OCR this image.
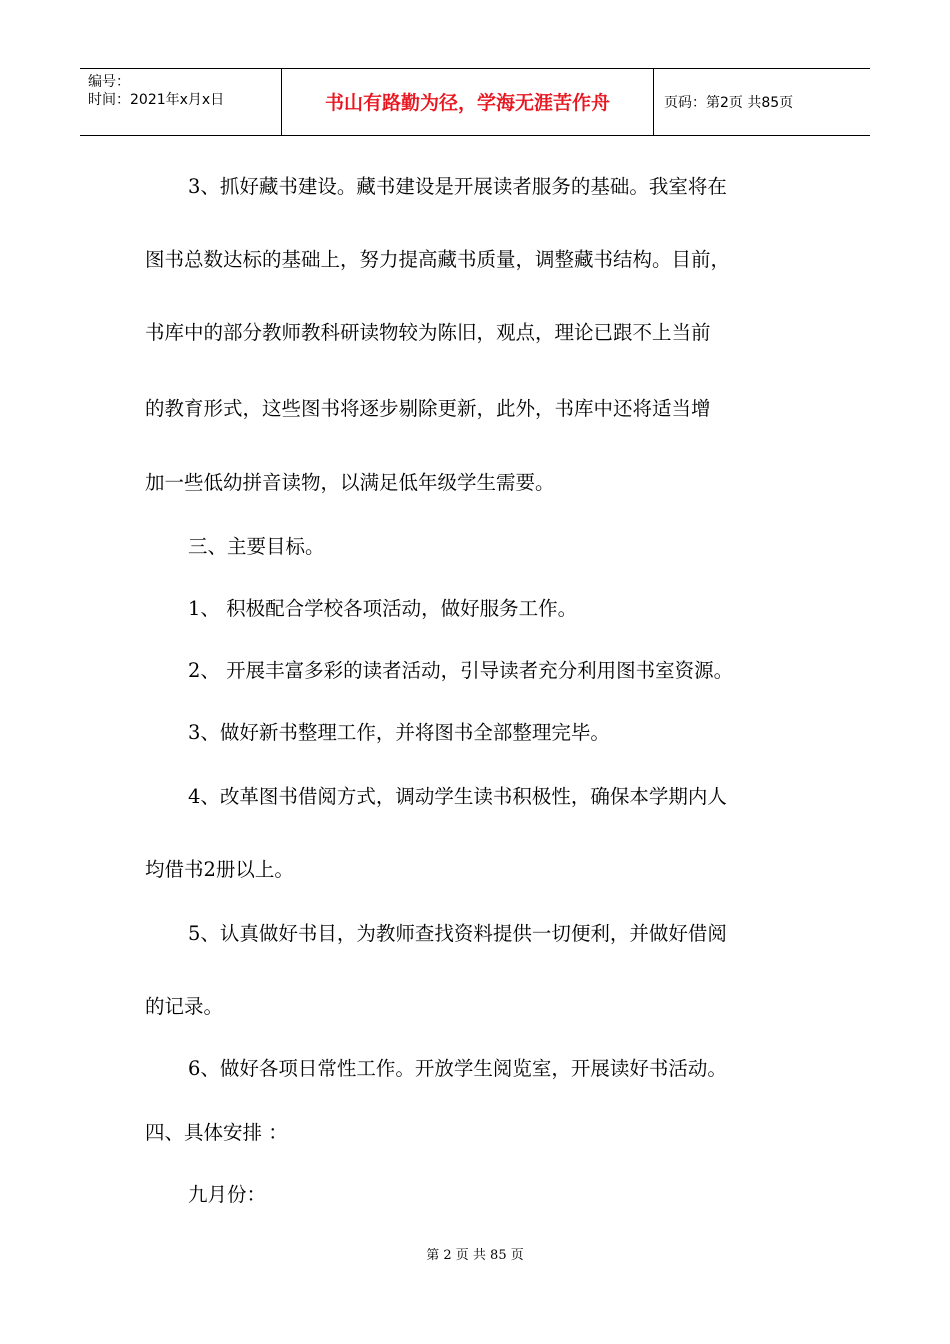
编号：
时间：2021年x月x日	书山有路勤为径，学海无涯苦作舟	页码：第2页 共85页
3、抓好藏书建设。藏书建设是开展读者服务的基础。我室将在
图书总数达标的基础上，努力提高藏书质量，调整藏书结构。目前，
书库中的部分教师教科研读物较为陈旧，观点，理论已跟不上当前
的教育形式，这些图书将逐步剔除更新，此外，书库中还将适当增
加一些低幼拼音读物，以满足低年级学生需要。
三、主要目标。
1、 积极配合学校各项活动，做好服务工作。
2、 开展丰富多彩的读者活动，引导读者充分利用图书室资源。
3、做好新书整理工作，并将图书全部整理完毕。
4、改革图书借阅方式，调动学生读书积极性，确保本学期内人
均借书2册以上。
5、认真做好书目，为教师查找资料提供一切便利，并做好借阅
的记录。
6、做好各项日常性工作。开放学生阅览室，开展读好书活动。
四、具体安排 ：
九月份：
第 2 页 共 85 页
